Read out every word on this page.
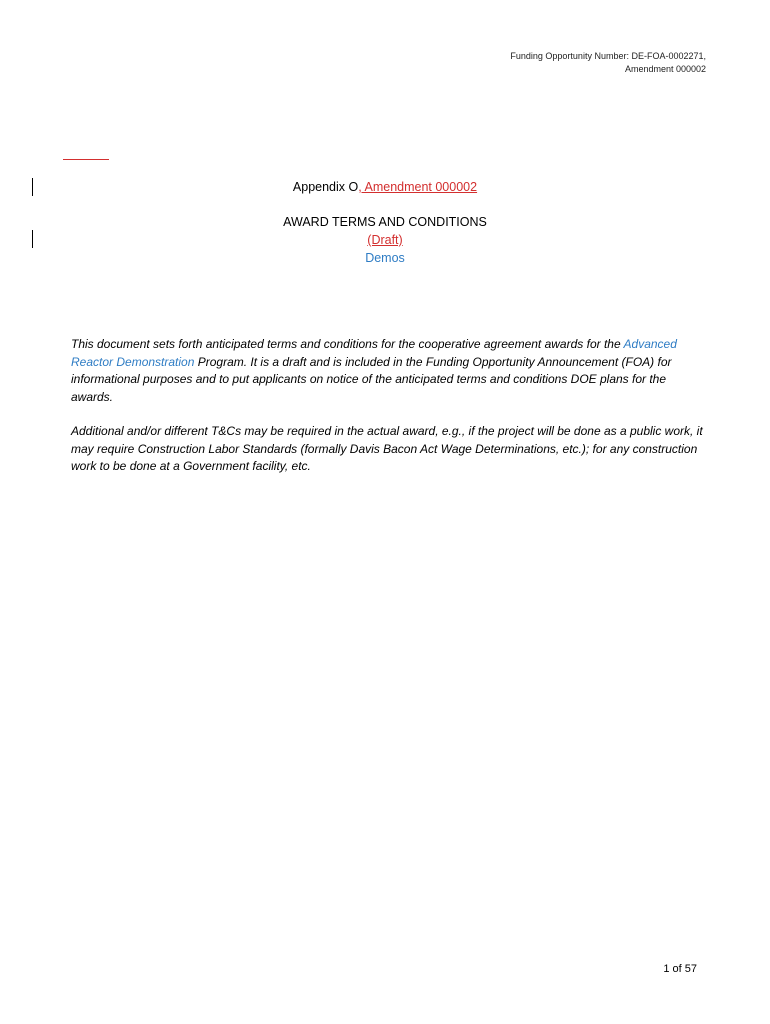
Funding Opportunity Number: DE-FOA-0002271,
Amendment 000002
Appendix O, Amendment 000002
AWARD TERMS AND CONDITIONS
(Draft)
Demos
This document sets forth anticipated terms and conditions for the cooperative agreement awards for the Advanced Reactor Demonstration Program. It is a draft and is included in the Funding Opportunity Announcement (FOA) for informational purposes and to put applicants on notice of the anticipated terms and conditions DOE plans for the awards.
Additional and/or different T&Cs may be required in the actual award, e.g., if the project will be done as a public work, it may require Construction Labor Standards (formally Davis Bacon Act Wage Determinations, etc.); for any construction work to be done at a Government facility, etc.
1 of 57
